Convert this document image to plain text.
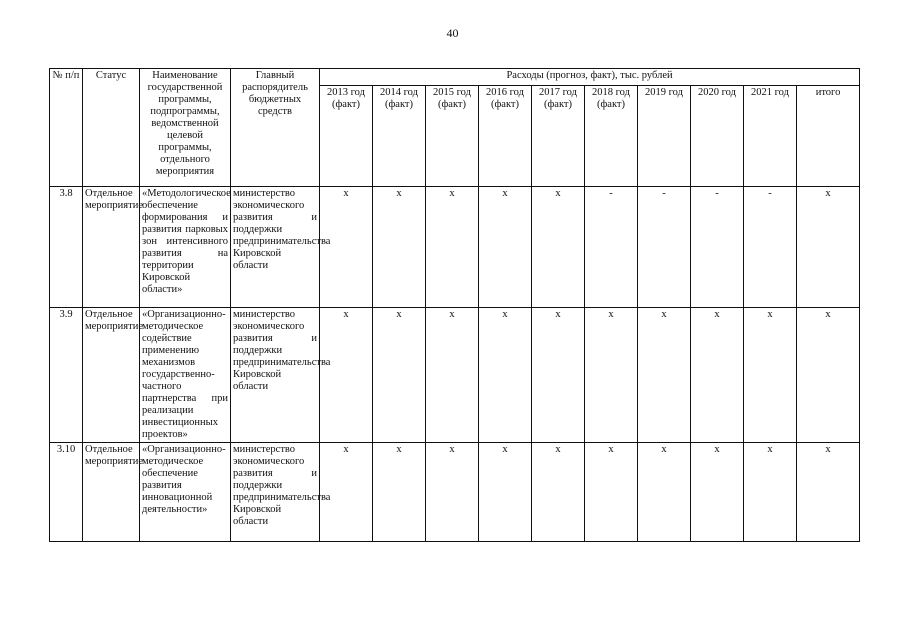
40
№ п/п	Статус	Наименование государственной программы, подпрограммы, ведомственной целевой программы, отдельного мероприятия	Главный распорядитель бюджетных средств	Расходы (прогноз, факт), тыс. рублей									
				2013 год (факт)	2014 год (факт)	2015 год (факт)	2016 год (факт)	2017 год (факт)	2018 год (факт)	2019 год	2020 год	2021 год	итого
3.8	Отдельное мероприятие	«Методологическое обеспечение формирования и развития парковых зон интенсивного развития на территории Кировской области»	министерство экономического развития и поддержки предпринимательства Кировской области	х	х	х	х	х	-	-	-	-	х
3.9	Отдельное мероприятие	«Организационно-методическое содействие применению механизмов государственно-частного партнерства при реализации инвестиционных проектов»	министерство экономического развития и поддержки предпринимательства Кировской области	х	х	х	х	х	х	х	х	х	х
3.10	Отдельное мероприятие	«Организационно-методическое обеспечение развития инновационной деятельности»	министерство экономического развития и поддержки предпринимательства Кировской области	х	х	х	х	х	х	х	х	х	х
